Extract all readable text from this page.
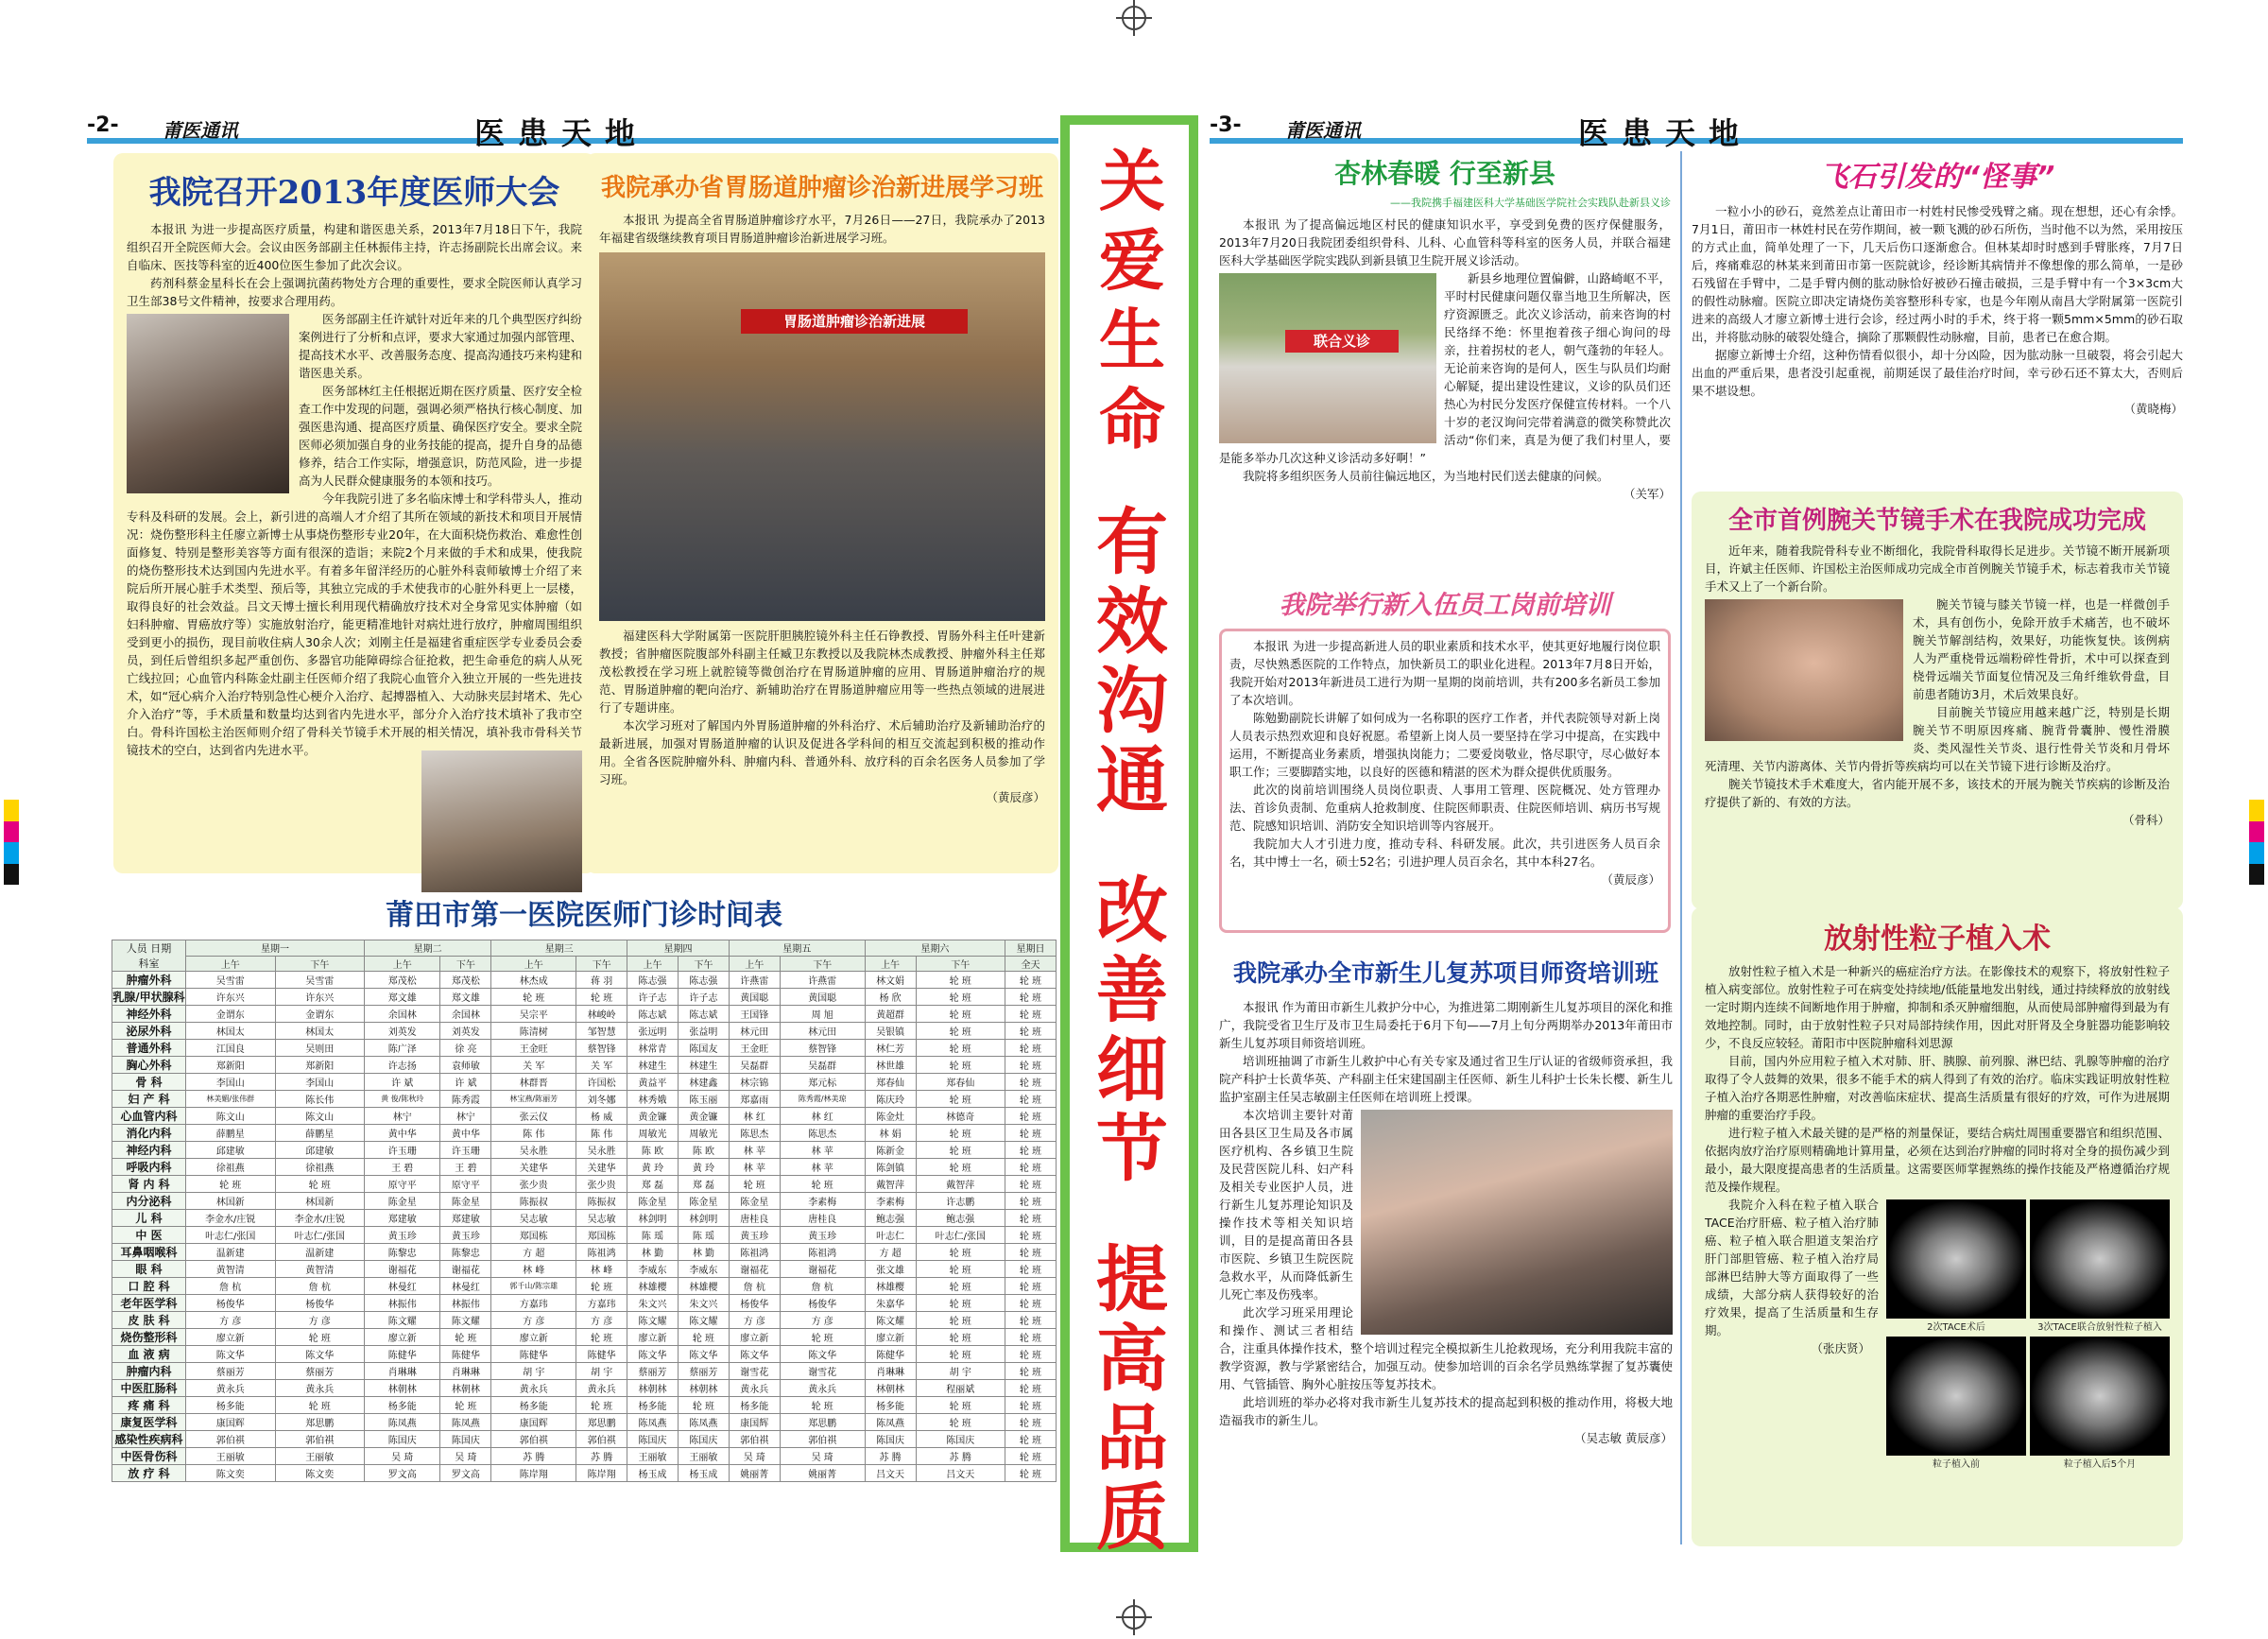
-2- 莆医通讯	医患天地	-3- 莆医通讯	医患天地
关爱生命
有效沟通
改善细节
提高品质
我院召开2013年度医师大会

本报讯 为进一步提高医疗质量，构建和谐医患关系，2013年7月18日下午，我院组织召开全院医师大会。会议由医务部副主任林振伟主持，许志扬副院长出席会议。来自临床、医技等科室的近400位医生参加了此次会议。

药剂科蔡金星科长在会上强调抗菌药物处方合理的重要性，要求全院医师认真学习卫生部38号文件精神，按要求合理用药。

医务部副主任许斌针对近年来的几个典型医疗纠纷案例进行了分析和点评，要求大家通过加强内部管理、提高技术水平、改善服务态度、提高沟通技巧来构建和谐医患关系。

医务部林红主任根据近期在医疗质量、医疗安全检查工作中发现的问题，强调必须严格执行核心制度、加强医患沟通、提高医疗质量、确保医疗安全。要求全院医师必须加强自身的业务技能的提高，提升自身的品德修养，结合工作实际，增强意识，防范风险，进一步提高为人民群众健康服务的本领和技巧。

今年我院引进了多名临床博士和学科带头人，推动专科及科研的发展。会上，新引进的高端人才介绍了其所在领域的新技术和项目开展情况：烧伤整形科主任廖立新博士从事烧伤整形专业20年，在大面积烧伤救治、难愈性创面修复、特别是整形美容等方面有很深的造诣；来院2个月来做的手术和成果，使我院的烧伤整形技术达到国内先进水平。有着多年留洋经历的心脏外科袁师敏博士介绍了来院后所开展心脏手术类型、预后等，其独立完成的手术使我市的心脏外科更上一层楼，取得良好的社会效益。吕文天博士擅长利用现代精确放疗技术对全身常见实体肿瘤（如妇科肿瘤、胃癌放疗等）实施放射治疗，能更精准地针对病灶进行放疗，肿瘤周围组织受到更小的损伤，现目前收住病人30余人次；刘刚主任是福建省重症医学专业委员会委员，到任后曾组织多起严重创伤、多器官功能障碍综合征抢救，把生命垂危的病人从死亡线拉回；心血管内科陈金灶副主任医师介绍了我院心血管介入独立开展的一些先进技术，如“冠心病介入治疗特别急性心梗介入治疗、起搏器植入、大动脉夹层封堵术、先心介入治疗”等，手术质量和数量均达到省内先进水平，部分介入治疗技术填补了我市空白。骨科许国松主治医师则介绍了骨科关节镜手术开展的相关情况，填补我市骨科关节镜技术的空白，达到省内先进水平。

我院承办省胃肠道肿瘤诊治新进展学习班

本报讯 为提高全省胃肠道肿瘤诊疗水平，7月26日——27日，我院承办了2013年福建省级继续教育项目胃肠道肿瘤诊治新进展学习班。

胃肠道肿瘤诊治新进展

福建医科大学附属第一医院肝胆胰腔镜外科主任石铮教授、胃肠外科主任叶建新教授；省肿瘤医院腹部外科副主任臧卫东教授以及我院林杰成教授、肿瘤外科主任郑茂松教授在学习班上就腔镜等微创治疗在胃肠道肿瘤的应用、胃肠道肿瘤治疗的规范、胃肠道肿瘤的靶向治疗、新辅助治疗在胃肠道肿瘤应用等一些热点领域的进展进行了专题讲座。

本次学习班对了解国内外胃肠道肿瘤的外科治疗、术后辅助治疗及新辅助治疗的最新进展，加强对胃肠道肿瘤的认识及促进各学科间的相互交流起到积极的推动作用。全省各医院肿瘤外科、肿瘤内科、普通外科、放疗科的百余名医务人员参加了学习班。

（黄辰彦）

莆田市第一医院医师门诊时间表
人员 日期
科室	星期一		星期二		星期三		星期四		星期五		星期六		星期日
	上午	下午	上午	下午	上午	下午	上午	下午	上午	下午	上午	下午	全天
肿瘤外科	吴雪雷	吴雪雷	郑茂松	郑茂松	林杰成	蒋 羽	陈志强	陈志强	许燕雷	许燕雷	林文娟	轮 班	轮 班
乳腺/甲状腺科	许东兴	许东兴	郑文雄	郑文雄	轮 班	轮 班	许子志	许子志	黄国聪	黄国聪	杨 欣	轮 班	轮 班
神经外科	金谓东	金谓东	余国林	余国林	吴宗平	林峻岭	陈志斌	陈志斌	王国锋	周 旭	黄超群	轮 班	轮 班
泌尿外科	林国太	林国太	刘英发	刘英发	陈清树	邹智慧	张远明	张益明	林元田	林元田	吴银镇	轮 班	轮 班
普通外科	江国良	吴则田	陈广泽	徐 亮	王金旺	蔡智锋	林常青	陈国友	王金旺	蔡智锋	林仁芳	轮 班	轮 班
胸心外科	郑新阳	郑新阳	许志扬	袁师敏	关 军	关 军	林建生	林建生	吴磊群	吴磊群	林世雄	轮 班	轮 班
骨 科	李国山	李国山	许 斌	许 斌	林群晋	许国松	黄益平	林建鑫	林宗锦	郑元标	郑春仙	郑春仙	轮 班
妇 产 科	林美媚/张伟群	陈长伟	黄 俊/陈秋玲	陈秀霞	林宝燕/陈丽芳	刘冬娜	林秀娥	陈玉丽	郑嘉雨	陈秀霞/林美琼	陈庆玲	轮 班	轮 班
心血管内科	陈文山	陈文山	林宁	林宁	张云仪	杨 威	黄金镰	黄金镰	林 红	林 红	陈金灶	林德奇	轮 班
消化内科	薛鹏星	薛鹏星	黄中华	黄中华	陈 伟	陈 伟	周敏光	周敏光	陈思杰	陈思杰	林 娟	轮 班	轮 班
神经内科	邱建敏	邱建敏	许玉珊	许玉珊	吴永胜	吴永胜	陈 欧	陈 欧	林 苹	林 苹	陈新金	轮 班	轮 班
呼吸内科	徐祖燕	徐祖燕	王 碧	王 碧	关建华	关建华	黄 玲	黄 玲	林 苹	林 苹	陈剑镇	轮 班	轮 班
肾 内 科	轮 班	轮 班	原守平	原守平	张少贵	张少贵	郑 磊	郑 磊	轮 班	轮 班	戴智萍	戴智萍	轮 班
内分泌科	林国新	林国新	陈金星	陈金星	陈振叔	陈振叔	陈金星	陈金星	陈金星	李素梅	李素梅	许志鹏	轮 班
儿 科	李金水/庄锐	李金水/庄锐	郑建敏	郑建敏	吴志敏	吴志敏	林剑明	林剑明	唐桂良	唐桂良	鲍志强	鲍志强	轮 班
中 医	叶志仁/张国	叶志仁/张国	黄玉珍	黄玉珍	郑国栋	郑国栋	陈 瑶	陈 瑶	黄玉珍	黄玉珍	叶志仁	叶志仁/张国	轮 班
耳鼻咽喉科	温新建	温新建	陈黎忠	陈黎忠	方 超	陈祖鸿	林 勤	林 勤	陈祖鸿	陈祖鸿	方 超	轮 班	轮 班
眼 科	黄智清	黄智清	谢福花	谢福花	林 峰	林 峰	李威东	李威东	谢福花	谢福花	张文雄	轮 班	轮 班
口 腔 科	詹 杭	詹 杭	林曼红	林曼红	郭千山/陈宗雄	轮 班	林雄樱	林雄樱	詹 杭	詹 杭	林雄樱	轮 班	轮 班
老年医学科	杨俊华	杨俊华	林振伟	林振伟	方嘉玮	方嘉玮	朱文兴	朱文兴	杨俊华	杨俊华	朱嘉华	轮 班	轮 班
皮 肤 科	方 彦	方 彦	陈文耀	陈文耀	方 彦	方 彦	陈文耀	陈文耀	方 彦	方 彦	陈文耀	轮 班	轮 班
烧伤整形科	廖立新	轮 班	廖立新	轮 班	廖立新	轮 班	廖立新	轮 班	廖立新	轮 班	廖立新	轮 班	轮 班
血 液 病	陈文华	陈文华	陈健华	陈健华	陈健华	陈健华	陈文华	陈文华	陈文华	陈文华	陈健华	轮 班	轮 班
肿瘤内科	蔡丽芳	蔡丽芳	肖琳琳	肖琳琳	胡 宇	胡 宇	蔡丽芳	蔡丽芳	谢雪花	谢雪花	肖琳琳	胡 宇	轮 班
中医肛肠科	黄永兵	黄永兵	林朝林	林朝林	黄永兵	黄永兵	林朝林	林朝林	黄永兵	黄永兵	林朝林	程丽斌	轮 班
疼 痛 科	杨多能	轮 班	杨多能	轮 班	杨多能	轮 班	杨多能	轮 班	杨多能	轮 班	杨多能	轮 班	轮 班
康复医学科	康国辉	郑思鹏	陈凤燕	陈凤燕	康国辉	郑思鹏	陈凤燕	陈凤燕	康国辉	郑思鹏	陈凤燕	轮 班	轮 班
感染性疾病科	郭伯祺	郭伯祺	陈国庆	陈国庆	郭伯祺	郭伯祺	陈国庆	陈国庆	郭伯祺	郭伯祺	陈国庆	陈国庆	轮 班
中医骨伤科	王丽敏	王丽敏	吴 琦	吴 琦	苏 腾	苏 腾	王丽敏	王丽敏	吴 琦	吴 琦	苏 腾	苏 腾	轮 班
放 疗 科	陈文奕	陈文奕	罗文高	罗文高	陈岸翔	陈岸翔	杨玉成	杨玉成	姚丽菁	姚丽菁	吕文天	吕文天	轮 班
杏林春暖 行至新县
——我院携手福建医科大学基础医学院社会实践队赴新县义诊

本报讯 为了提高偏远地区村民的健康知识水平，享受到免费的医疗保健服务，2013年7月20日我院团委组织骨科、儿科、心血管科等科室的医务人员，并联合福建医科大学基础医学院实践队到新县镇卫生院开展义诊活动。

联合义诊

新县乡地理位置偏僻，山路崎岖不平，平时村民健康问题仅靠当地卫生所解决，医疗资源匮乏。此次义诊活动，前来咨询的村民络绎不绝：怀里抱着孩子细心询问的母亲，拄着拐杖的老人，朝气蓬勃的年轻人。无论前来咨询的是何人，医生与队员们均耐心解疑，提出建设性建议，义诊的队员们还热心为村民分发医疗保健宣传材料。一个八十岁的老汉询问完带着满意的微笑称赞此次活动“你们来，真是为便了我们村里人，要是能多举办几次这种义诊活动多好啊！”

我院将多组织医务人员前往偏远地区，为当地村民们送去健康的问候。

（关军）

飞石引发的“怪事”

一粒小小的砂石，竟然差点让莆田市一村姓村民惨受残臂之痛。现在想想，还心有余悸。7月1日，莆田市一林姓村民在劳作期间，被一颗飞溅的砂石所伤，当时他不以为然，采用按压的方式止血，简单处理了一下，几天后伤口逐渐愈合。但林某却时时感到手臂胀疼，7月7日后，疼痛难忍的林某来到莆田市第一医院就诊，经诊断其病情并不像想像的那么简单，一是砂石残留在手臂中，二是手臂内侧的肱动脉恰好被砂石撞击破损，三是手臂中有一个3×3cm大的假性动脉瘤。医院立即决定请烧伤美容整形科专家，也是今年刚从南昌大学附属第一医院引进来的高级人才廖立新博士进行会诊，经过两小时的手术，终于将一颗5mm×5mm的砂石取出，并将肱动脉的破裂处缝合，摘除了那颗假性动脉瘤，目前，患者已在愈合期。

据廖立新博士介绍，这种伤情看似很小，却十分凶险，因为肱动脉一旦破裂，将会引起大出血的严重后果，患者没引起重视，前期延误了最佳治疗时间，幸亏砂石还不算太大，否则后果不堪设想。

（黄晓梅）

我院举行新入伍员工岗前培训

本报讯 为进一步提高新进人员的职业素质和技术水平，使其更好地履行岗位职责，尽快熟悉医院的工作特点，加快新员工的职业化进程。2013年7月8日开始，我院开始对2013年新进员工进行为期一星期的岗前培训，共有200多名新员工参加了本次培训。

陈勉勤副院长讲解了如何成为一名称职的医疗工作者，并代表院领导对新上岗人员表示热烈欢迎和良好祝愿。希望新上岗人员一要坚持在学习中提高，在实践中运用，不断提高业务素质，增强执岗能力；二要爱岗敬业，恪尽职守，尽心做好本职工作；三要脚踏实地，以良好的医德和精湛的医术为群众提供优质服务。

此次的岗前培训围绕人员岗位职责、人事用工管理、医院概况、处方管理办法、首诊负责制、危重病人抢救制度、住院医师职责、住院医师培训、病历书写规范、院感知识培训、消防安全知识培训等内容展开。

我院加大人才引进力度，推动专科、科研发展。此次，共引进医务人员百余名，其中博士一名，硕士52名；引进护理人员百余名，其中本科27名。

（黄辰彦）

全市首例腕关节镜手术在我院成功完成

近年来，随着我院骨科专业不断细化，我院骨科取得长足进步。关节镜不断开展新项目，许斌主任医师、许国松主治医师成功完成全市首例腕关节镜手术，标志着我市关节镜手术又上了一个新台阶。

腕关节镜与膝关节镜一样，也是一样微创手术，具有创伤小，免除开放手术痛苦，也不破坏腕关节解剖结构，效果好，功能恢复快。该例病人为严重桡骨远端粉碎性骨折，术中可以探查到桡骨远端关节面复位情况及三角纤维软骨盘，目前患者随访3月，术后效果良好。

目前腕关节镜应用越来越广泛，特别是长期腕关节不明原因疼痛、腕背骨囊肿、慢性滑膜炎、类风湿性关节炎、退行性骨关节炎和月骨坏死清理、关节内游离体、关节内骨折等疾病均可以在关节镜下进行诊断及治疗。

腕关节镜技术手术难度大，省内能开展不多，该技术的开展为腕关节疾病的诊断及治疗提供了新的、有效的方法。

（骨科）

我院承办全市新生儿复苏项目师资培训班

本报讯 作为莆田市新生儿救护分中心，为推进第二期刚新生儿复苏项目的深化和推广，我院受省卫生厅及市卫生局委托于6月下旬——7月上旬分两期举办2013年莆田市新生儿复苏项目师资培训班。

培训班抽调了市新生儿救护中心有关专家及通过省卫生厅认证的省级师资承担，我院产科护士长黄华英、产科副主任宋建国副主任医师、新生儿科护士长朱长樱、新生儿监护室副主任吴志敏副主任医师在培训班上授课。

本次培训主要针对莆田各县区卫生局及各市属医疗机构、各乡镇卫生院及民营医院儿科、妇产科及相关专业医护人员，进行新生儿复苏理论知识及操作技术等相关知识培训，目的是提高莆田各县市医院、乡镇卫生院医院急救水平，从而降低新生儿死亡率及伤残率。

此次学习班采用理论和操作、测试三者相结合，注重具体操作技术，整个培训过程完全模拟新生儿抢救现场，充分利用我院丰富的教学资源，教与学紧密结合，加强互动。使参加培训的百余名学员熟练掌握了复苏囊使用、气管插管、胸外心脏按压等复苏技术。

此培训班的举办必将对我市新生儿复苏技术的提高起到积极的推动作用，将极大地造福我市的新生儿。

（吴志敏 黄辰彦）

放射性粒子植入术

放射性粒子植入术是一种新兴的癌症治疗方法。在影像技术的观察下，将放射性粒子植入病变部位。放射性粒子可在病变处持续地/低能量地发出射线，通过持续释放的放射线一定时期内连续不间断地作用于肿瘤，抑制和杀灭肿瘤细胞，从而使局部肿瘤得到最为有效地控制。同时，由于放射性粒子只对局部持续作用，因此对肝肾及全身脏器功能影响较少，不良反应较轻。莆阳市中医院肿瘤科刘思源

目前，国内外应用粒子植入术对肺、肝、胰腺、前列腺、淋巴结、乳腺等肿瘤的治疗取得了令人鼓舞的效果，很多不能手术的病人得到了有效的治疗。临床实践证明放射性粒子植入治疗各期恶性肿瘤，对改善临床症状、提高生活质量有很好的疗效，可作为进展期肿瘤的重要治疗手段。

进行粒子植入术最关键的是严格的剂量保证，要结合病灶周围重要器官和组织范围、依据肉放疗治疗原则精确地计算用量，必须在达到治疗肿瘤的同时将对全身的损伤减少到最小，最大限度提高患者的生活质量。这需要医师掌握熟练的操作技能及严格遵循治疗规范及操作规程。

2次TACE术后	3次TACE联合放射性粒子植入
粒子植入前	粒子植入后5个月

我院介入科在粒子植入联合TACE治疗肝癌、粒子植入治疗肺癌、粒子植入联合胆道支架治疗肝门部胆管癌、粒子植入治疗局部淋巴结肿大等方面取得了一些成绩，大部分病人获得较好的治疗效果，提高了生活质量和生存期。

（张庆贤）
